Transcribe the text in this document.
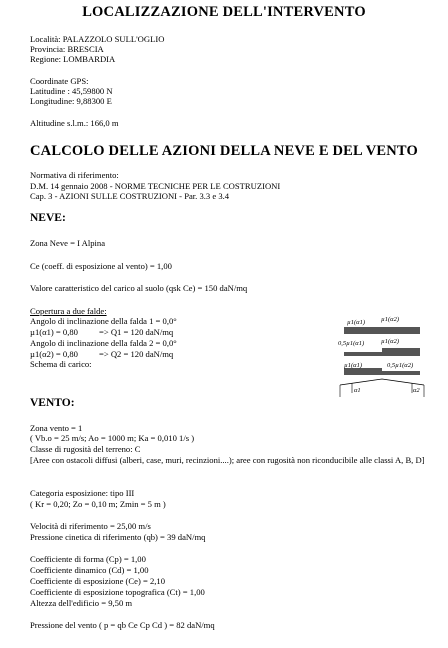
LOCALIZZAZIONE DELL'INTERVENTO
Località: PALAZZOLO SULL'OGLIO
Provincia: BRESCIA
Regione: LOMBARDIA
Coordinate GPS:
Latitudine : 45,59800 N
Longitudine: 9,88300 E
Altitudine s.l.m.: 166,0 m
CALCOLO DELLE AZIONI DELLA NEVE E DEL VENTO
Normativa di riferimento:
D.M. 14 gennaio 2008 - NORME TECNICHE PER LE COSTRUZIONI
Cap. 3 - AZIONI SULLE COSTRUZIONI - Par. 3.3 e 3.4
NEVE:
Zona Neve = I Alpina
Ce (coeff. di esposizione al vento) = 1,00
Valore caratteristico del carico al suolo (qsk Ce) = 150 daN/mq
Copertura a due falde:
Angolo di inclinazione della falda 1 = 0,0°
µ1(α1) = 0,80 => Q1 = 120 daN/mq
Angolo di inclinazione della falda 2 = 0,0°
µ1(α2) = 0,80 => Q2 = 120 daN/mq
Schema di carico:
µ1(α1) µ1(α2)
0,5µ1(α1)	µ1(α2)
µ1(α1)	0,5µ1(α2)
α1	α2
VENTO:
Zona vento = 1
( Vb.o = 25 m/s; Ao = 1000 m; Ka = 0,010 1/s )
Classe di rugosità del terreno: C
[Aree con ostacoli diffusi (alberi, case, muri, recinzioni....); aree con rugosità non riconducibile alle classi A, B, D]
Categoria esposizione: tipo III
( Kr = 0,20; Zo = 0,10 m; Zmin = 5 m )
Velocità di riferimento = 25,00 m/s
Pressione cinetica di riferimento (qb) = 39 daN/mq
Coefficiente di forma (Cp) = 1,00
Coefficiente dinamico (Cd) = 1,00
Coefficiente di esposizione (Ce) = 2,10
Coefficiente di esposizione topografica (Ct) = 1,00
Altezza dell'edificio = 9,50 m
Pressione del vento ( p = qb Ce Cp Cd ) = 82 daN/mq
